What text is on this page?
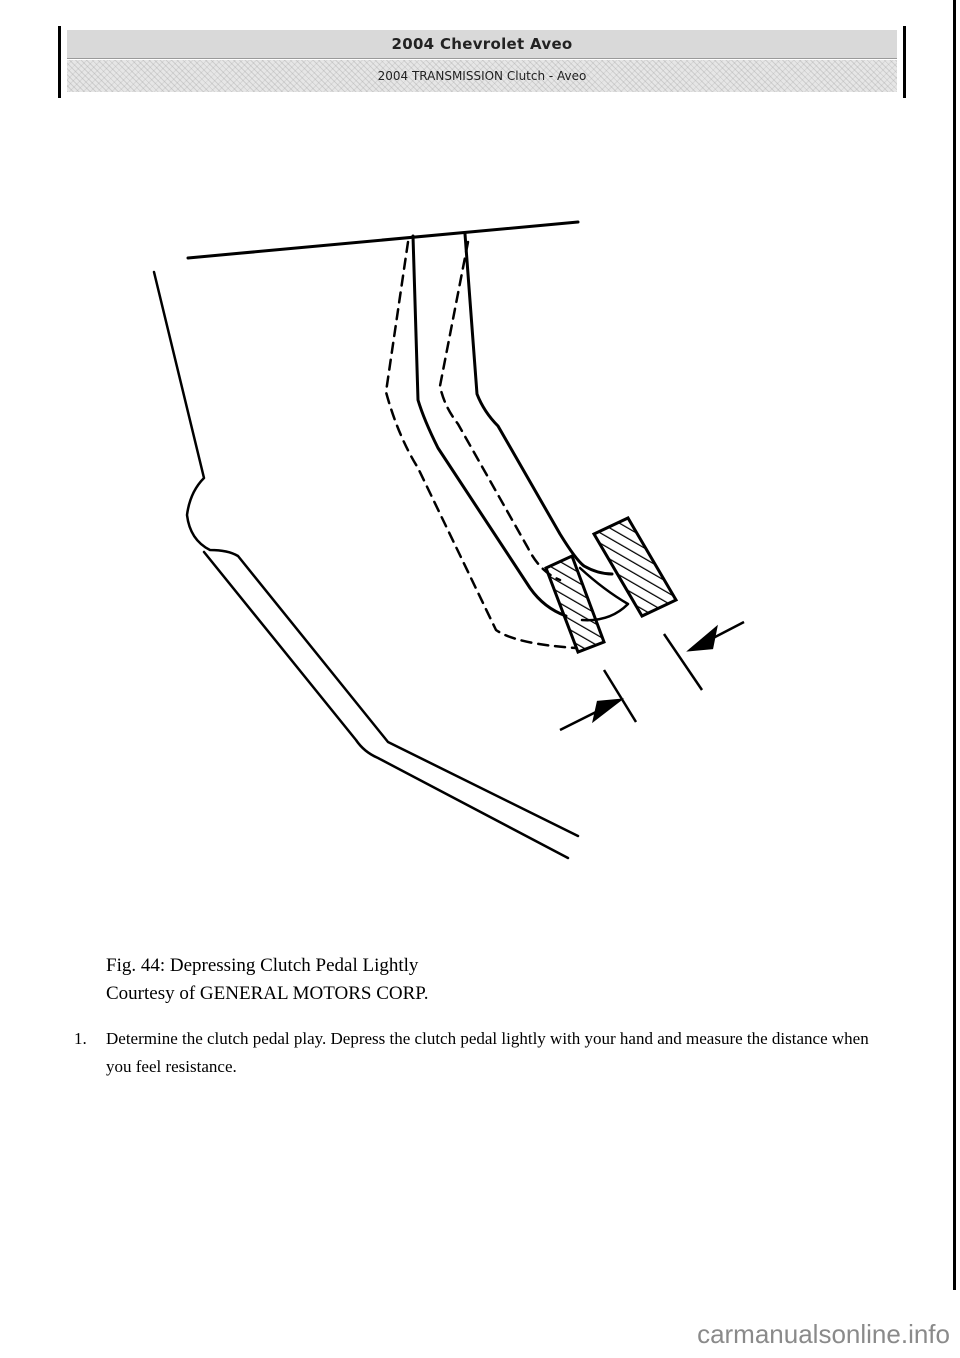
2004 Chevrolet Aveo
2004 TRANSMISSION Clutch - Aveo
Fig. 44: Depressing Clutch Pedal Lightly
Courtesy of GENERAL MOTORS CORP.
1. Determine the clutch pedal play. Depress the clutch pedal lightly with your hand and measure the distance when you feel resistance.
carmanualsonline.info
